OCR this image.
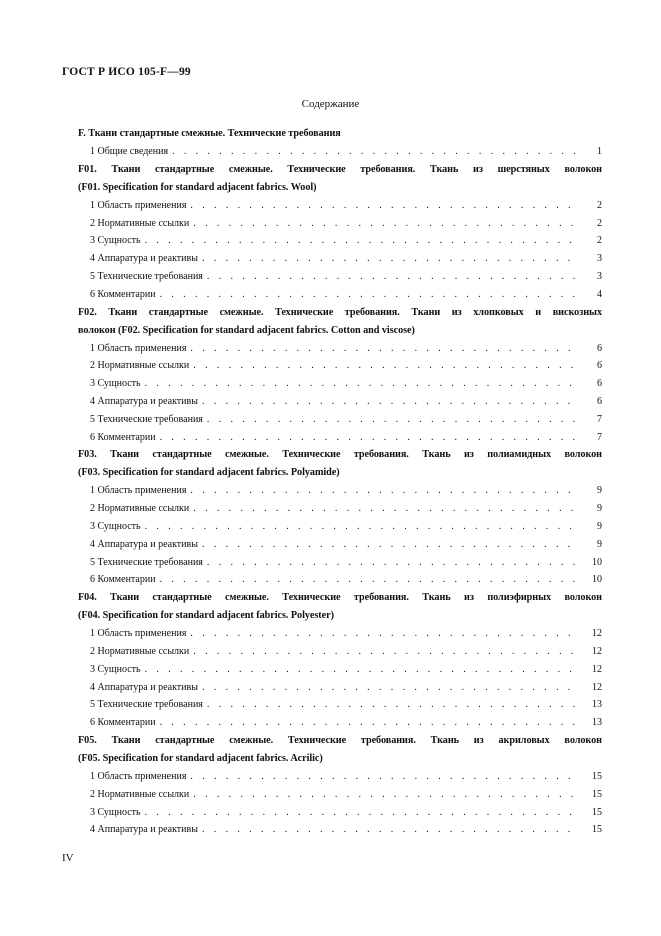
ГОСТ Р ИСО 105-F—99
Содержание
F. Ткани стандартные смежные. Технические требования
1 Общие сведения . . .	1
F01. Ткани стандартные смежные. Технические требования. Ткань из шерстяных волокон
(F01. Specification for standard adjacent fabrics. Wool)
1 Область применения . . .	2
2 Нормативные ссылки . . .	2
3 Сущность . . .	2
4 Аппаратура и реактивы . . .	3
5 Технические требования . . .	3
6 Комментарии . . .	4
F02. Ткани стандартные смежные. Технические требования. Ткани из хлопковых и вискозных
волокон (F02. Specification for standard adjacent fabrics. Cotton and viscose)
1 Область применения . . .	6
2 Нормативные ссылки . . .	6
3 Сущность . . .	6
4 Аппаратура и реактивы . . .	6
5 Технические требования . . .	7
6 Комментарии . . .	7
F03. Ткани стандартные смежные. Технические требования. Ткань из полиамидных волокон
(F03. Specification for standard adjacent fabrics. Polyamide)
1 Область применения . . .	9
2 Нормативные ссылки . . .	9
3 Сущность . . .	9
4 Аппаратура и реактивы . . .	9
5 Технические требования . . .	10
6 Комментарии . . .	10
F04. Ткани стандартные смежные. Технические требования. Ткань из полиэфирных волокон
(F04. Specification for standard adjacent fabrics. Polyester)
1 Область применения . . .	12
2 Нормативные ссылки . . .	12
3 Сущность . . .	12
4 Аппаратура и реактивы . . .	12
5 Технические требования . . .	13
6 Комментарии . . .	13
F05. Ткани стандартные смежные. Технические требования. Ткань из акриловых волокон
(F05. Specification for standard adjacent fabrics. Acrilic)
1 Область применения . . .	15
2 Нормативные ссылки . . .	15
3 Сущность . . .	15
4 Аппаратура и реактивы . . .	15
IV
